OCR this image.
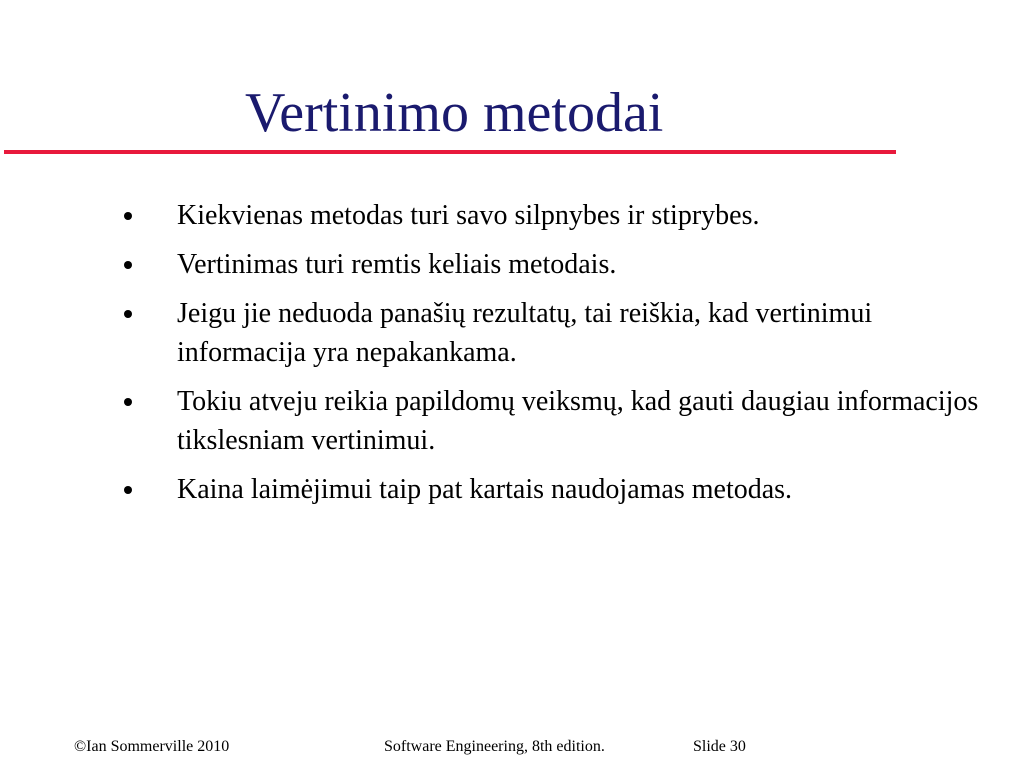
Vertinimo metodai
Kiekvienas metodas turi savo silpnybes ir stiprybes.
Vertinimas turi remtis keliais metodais.
Jeigu jie neduoda panašių rezultatų, tai reiškia, kad vertinimui informacija yra nepakankama.
Tokiu atveju reikia papildomų veiksmų, kad gauti daugiau informacijos tikslesniam vertinimui.
Kaina laimėjimui taip pat kartais naudojamas metodas.
©Ian Sommerville 2010	Software Engineering, 8th edition.	Slide 30
